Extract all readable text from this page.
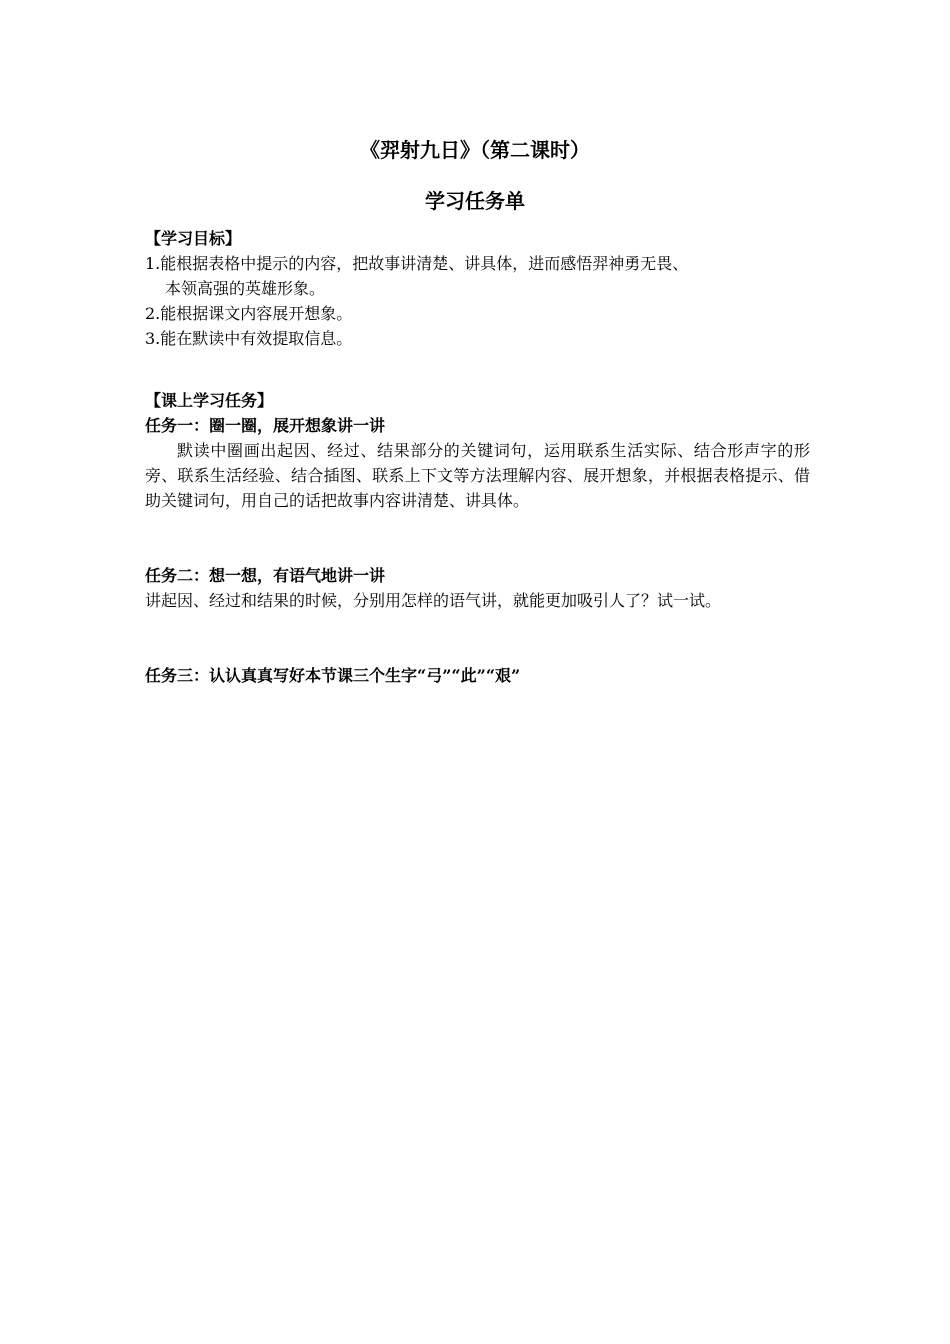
《羿射九日》（第二课时）
学习任务单

【学习目标】

1.能根据表格中提示的内容，把故事讲清楚、讲具体，进而感悟羿神勇无畏、

本领高强的英雄形象。

2.能根据课文内容展开想象。

3.能在默读中有效提取信息。

【课上学习任务】

任务一：圈一圈，展开想象讲一讲

默读中圈画出起因、经过、结果部分的关键词句，运用联系生活实际、结合形声字的形旁、联系生活经验、结合插图、联系上下文等方法理解内容、展开想象，并根据表格提示、借助关键词句，用自己的话把故事内容讲清楚、讲具体。

任务二：想一想，有语气地讲一讲

讲起因、经过和结果的时候，分别用怎样的语气讲，就能更加吸引人了？试一试。

任务三：认认真真写好本节课三个生字“弓”“此”“艰”
